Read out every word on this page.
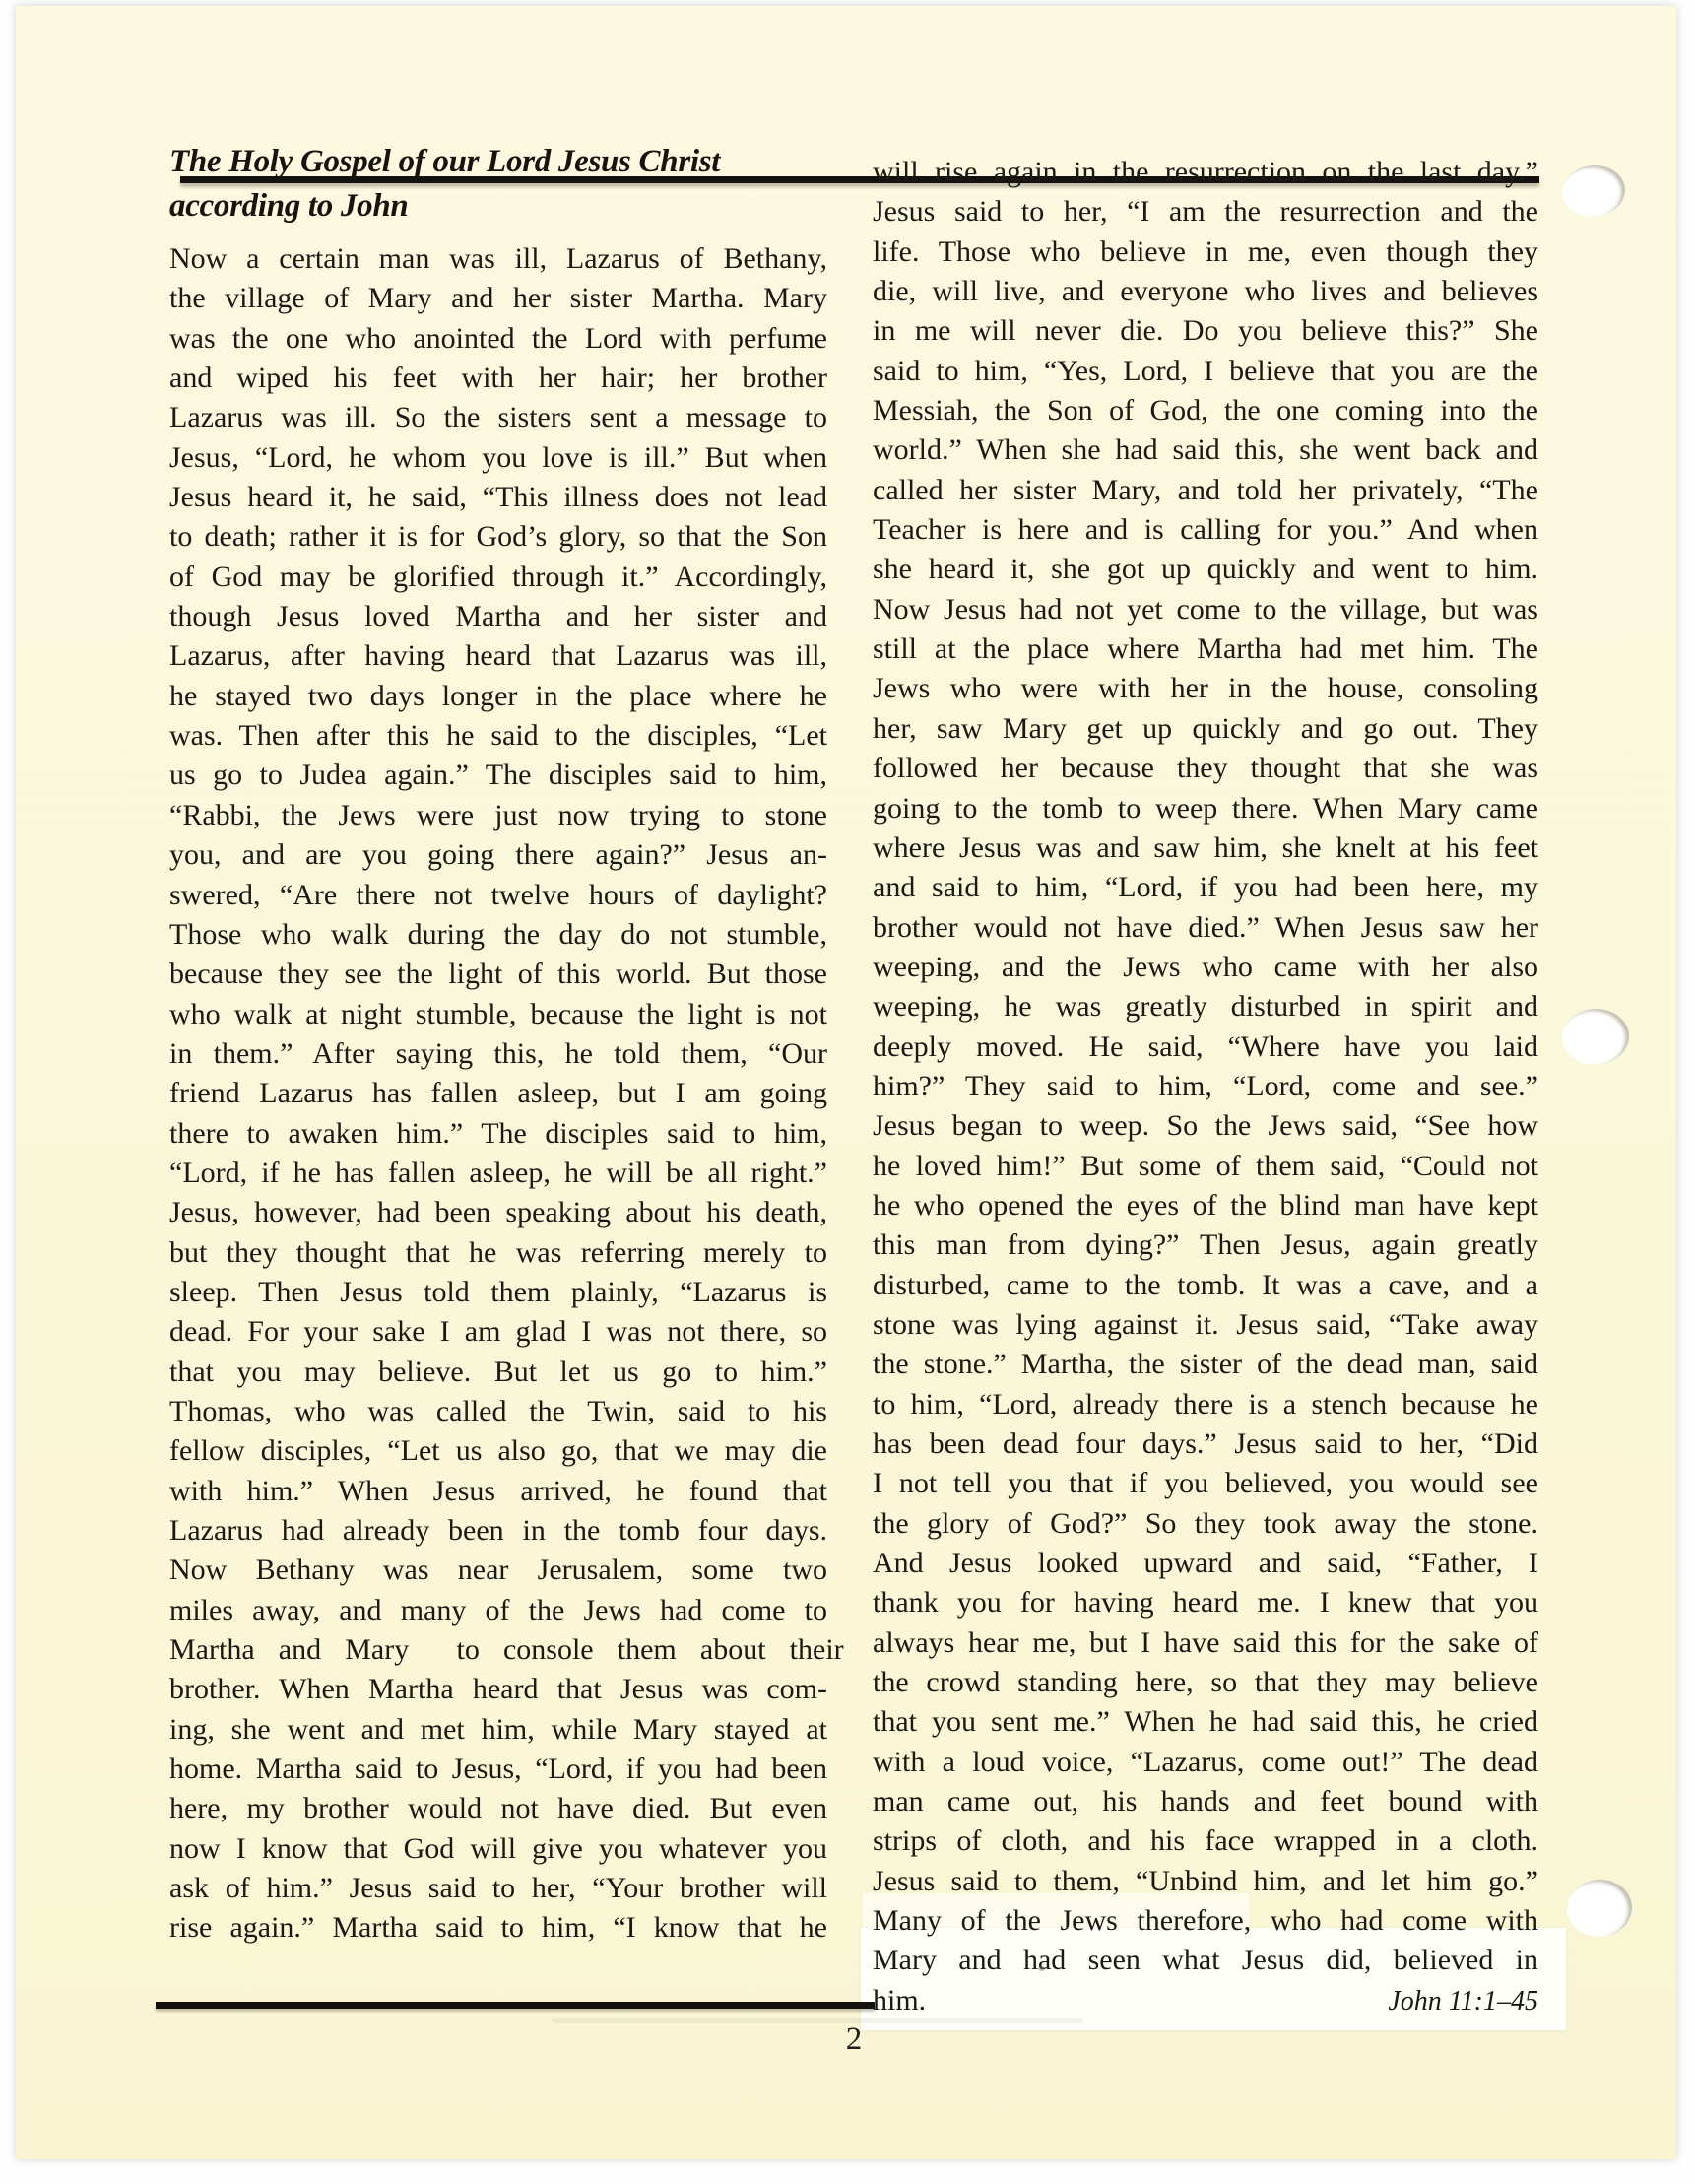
The Holy Gospel of our Lord Jesus Christ
according to John
Now a certain man was ill, Lazarus of Bethany,
the village of Mary and her sister Martha. Mary
was the one who anointed the Lord with perfume
and wiped his feet with her hair; her brother
Lazarus was ill. So the sisters sent a message to
Jesus, “Lord, he whom you love is ill.” But when
Jesus heard it, he said, “This illness does not lead
to death; rather it is for God’s glory, so that the Son
of God may be glorified through it.” Accordingly,
though Jesus loved Martha and her sister and
Lazarus, after having heard that Lazarus was ill,
he stayed two days longer in the place where he
was. Then after this he said to the disciples, “Let
us go to Judea again.” The disciples said to him,
“Rabbi, the Jews were just now trying to stone
you, and are you going there again?” Jesus an-
swered, “Are there not twelve hours of daylight?
Those who walk during the day do not stumble,
because they see the light of this world. But those
who walk at night stumble, because the light is not
in them.” After saying this, he told them, “Our
friend Lazarus has fallen asleep, but I am going
there to awaken him.” The disciples said to him,
“Lord, if he has fallen asleep, he will be all right.”
Jesus, however, had been speaking about his death,
but they thought that he was referring merely to
sleep. Then Jesus told them plainly, “Lazarus is
dead. For your sake I am glad I was not there, so
that you may believe. But let us go to him.”
Thomas, who was called the Twin, said to his
fellow disciples, “Let us also go, that we may die
with him.” When Jesus arrived, he found that
Lazarus had already been in the tomb four days.
Now Bethany was near Jerusalem, some two
miles away, and many of the Jews had come to
Martha and Mary  to console them about their
brother. When Martha heard that Jesus was com-
ing, she went and met him, while Mary stayed at
home. Martha said to Jesus, “Lord, if you had been
here, my brother would not have died. But even
now I know that God will give you whatever you
ask of him.” Jesus said to her, “Your brother will
rise again.” Martha said to him, “I know that he
will rise again in the resurrection on the last day.”
Jesus said to her, “I am the resurrection and the
life. Those who believe in me, even though they
die, will live, and everyone who lives and believes
in me will never die. Do you believe this?” She
said to him, “Yes, Lord, I believe that you are the
Messiah, the Son of God, the one coming into the
world.” When she had said this, she went back and
called her sister Mary, and told her privately, “The
Teacher is here and is calling for you.” And when
she heard it, she got up quickly and went to him.
Now Jesus had not yet come to the village, but was
still at the place where Martha had met him. The
Jews who were with her in the house, consoling
her, saw Mary get up quickly and go out. They
followed her because they thought that she was
going to the tomb to weep there. When Mary came
where Jesus was and saw him, she knelt at his feet
and said to him, “Lord, if you had been here, my
brother would not have died.” When Jesus saw her
weeping, and the Jews who came with her also
weeping, he was greatly disturbed in spirit and
deeply moved. He said, “Where have you laid
him?” They said to him, “Lord, come and see.”
Jesus began to weep. So the Jews said, “See how
he loved him!” But some of them said, “Could not
he who opened the eyes of the blind man have kept
this man from dying?” Then Jesus, again greatly
disturbed, came to the tomb. It was a cave, and a
stone was lying against it. Jesus said, “Take away
the stone.” Martha, the sister of the dead man, said
to him, “Lord, already there is a stench because he
has been dead four days.” Jesus said to her, “Did
I not tell you that if you believed, you would see
the glory of God?” So they took away the stone.
And Jesus looked upward and said, “Father, I
thank you for having heard me. I knew that you
always hear me, but I have said this for the sake of
the crowd standing here, so that they may believe
that you sent me.” When he had said this, he cried
with a loud voice, “Lazarus, come out!” The dead
man came out, his hands and feet bound with
strips of cloth, and his face wrapped in a cloth.
Jesus said to them, “Unbind him, and let him go.”
Many of the Jews therefore, who had come with
Mary and had seen what Jesus did, believed in
him.	John 11:1–45
2
